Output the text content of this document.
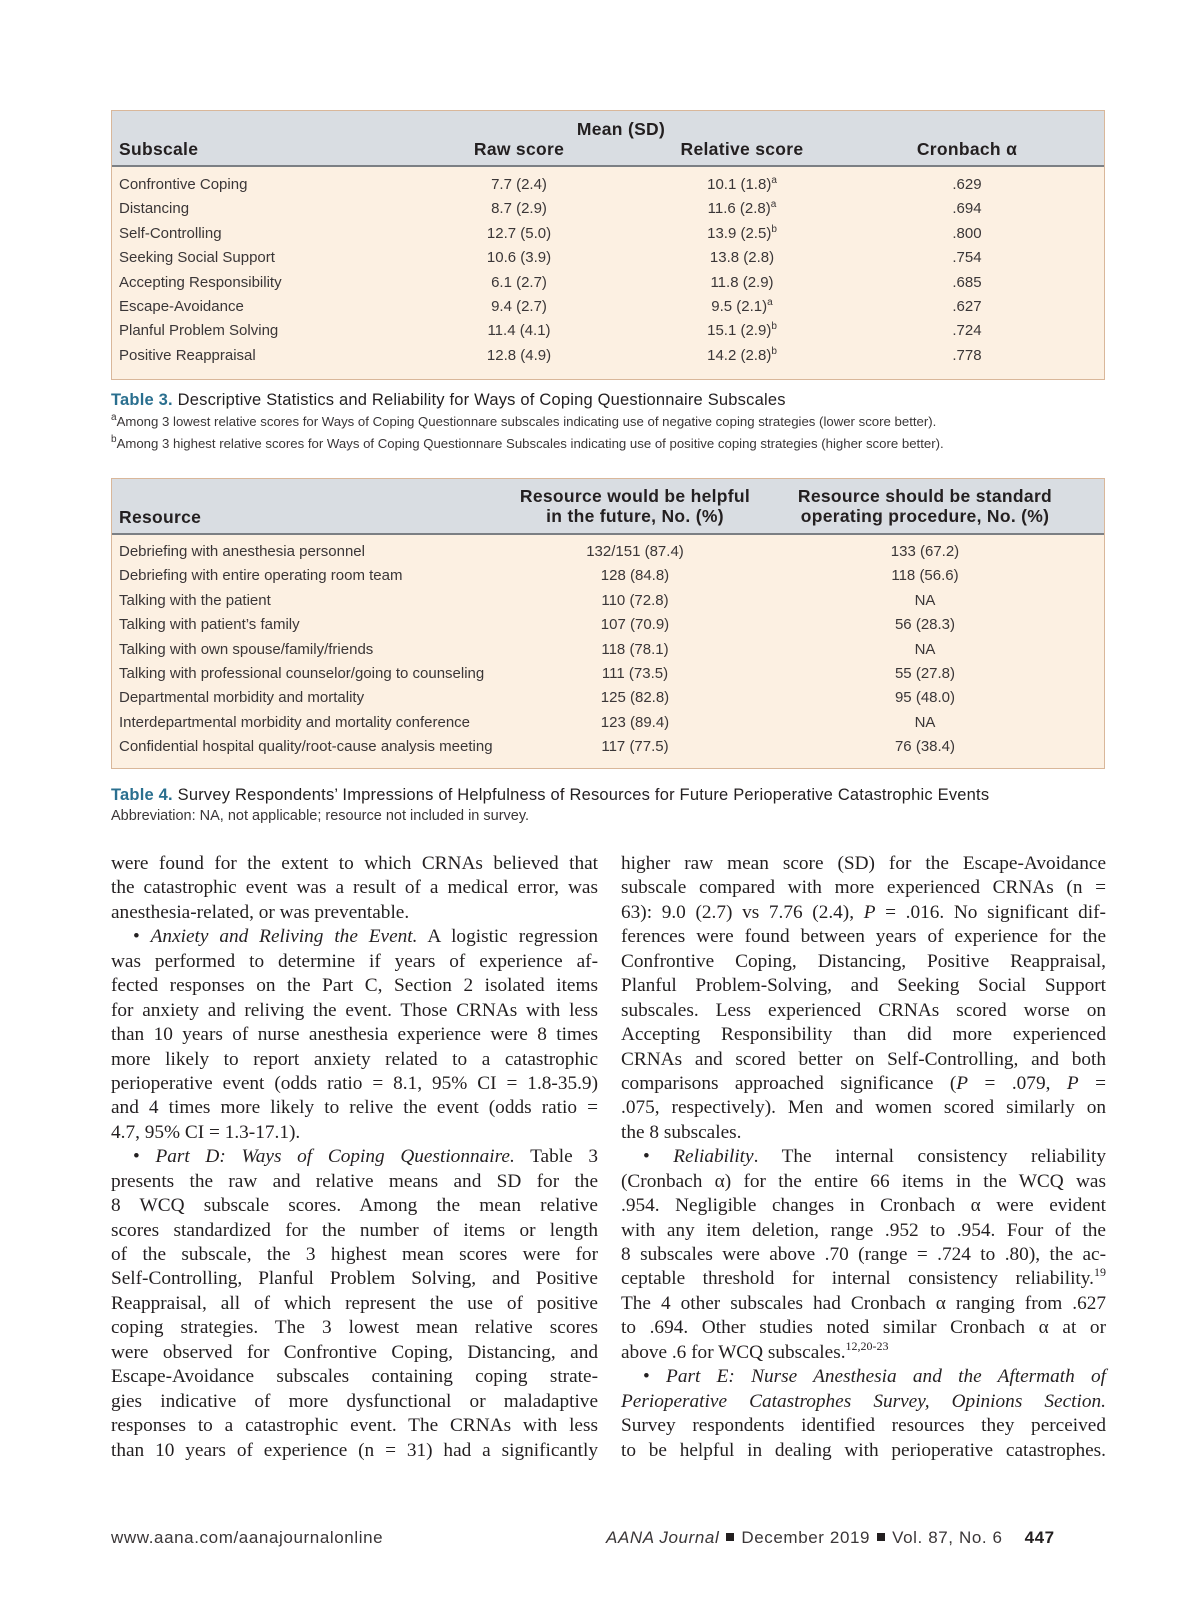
Mean (SD)
Subscale	Raw score	Relative score	Cronbach α
Confrontive Coping	7.7 (2.4)	10.1 $(1.8)^a$	.629
Distancing	8.7 (2.9)	11.6 $(2.8)^a$	.694
Self-Controlling	12.7 (5.0)	13.9 $(2.5)^b$	.800
Seeking Social Support	10.6 (3.9)	13.8 (2.8)	.754
Accepting Responsibility	6.1 (2.7)	11.8 (2.9)	.685
Escape-Avoidance	9.4 (2.7)	9.5 $(2.1)^a$	.627
Planful Problem Solving	11.4 (4.1)	15.1 $(2.9)^b$	.724
Positive Reappraisal	12.8 (4.9)	14.2 $(2.8)^b$	.778
Table 3. Descriptive Statistics and Reliability for Ways of Coping Questionnaire Subscales
$^a$Among 3 lowest relative scores for Ways of Coping Questionnare subscales indicating use of negative coping strategies (lower score better).
$^b$Among 3 highest relative scores for Ways of Coping Questionnare Subscales indicating use of positive coping strategies (higher score better).
Resource
Resource would be helpful
in the future, No. (%)
Resource should be standard
operating procedure, No. (%)
Debriefing with anesthesia personnel	132/151 (87.4)	133 (67.2)
Debriefing with entire operating room team	128 (84.8)	118 (56.6)
Talking with the patient	110 (72.8)	NA
Talking with patient’s family	107 (70.9)	56 (28.3)
Talking with own spouse/family/friends	118 (78.1)	NA
Talking with professional counselor/going to counseling	111 (73.5)	55 (27.8)
Departmental morbidity and mortality	125 (82.8)	95 (48.0)
Interdepartmental morbidity and mortality conference	123 (89.4)	NA
Confidential hospital quality/root-cause analysis meeting	117 (77.5)	76 (38.4)
Table 4. Survey Respondents’ Impressions of Helpfulness of Resources for Future Perioperative Catastrophic Events
Abbreviation: NA, not applicable; resource not included in survey.
were found for the extent to which CRNAs believed that
the catastrophic event was a result of a medical error, was
anesthesia-related, or was preventable.
• Anxiety and Reliving the Event. A logistic regression
was performed to determine if years of experience af-
fected responses on the Part C, Section 2 isolated items
for anxiety and reliving the event. Those CRNAs with less
than 10 years of nurse anesthesia experience were 8 times
more likely to report anxiety related to a catastrophic
perioperative event (odds ratio = 8.1, 95% CI = 1.8-35.9)
and 4 times more likely to relive the event (odds ratio =
4.7, 95% CI = 1.3-17.1).
• Part D: Ways of Coping Questionnaire. Table 3
presents the raw and relative means and SD for the
8 WCQ subscale scores. Among the mean relative
scores standardized for the number of items or length
of the subscale, the 3 highest mean scores were for
Self-Controlling, Planful Problem Solving, and Positive
Reappraisal, all of which represent the use of positive
coping strategies. The 3 lowest mean relative scores
were observed for Confrontive Coping, Distancing, and
Escape-Avoidance subscales containing coping strate-
gies indicative of more dysfunctional or maladaptive
responses to a catastrophic event. The CRNAs with less
than 10 years of experience (n = 31) had a significantly
higher raw mean score (SD) for the Escape-Avoidance
subscale compared with more experienced CRNAs (n =
63): 9.0 (2.7) vs 7.76 (2.4), P = .016. No significant dif-
ferences were found between years of experience for the
Confrontive Coping, Distancing, Positive Reappraisal,
Planful Problem-Solving, and Seeking Social Support
subscales. Less experienced CRNAs scored worse on
Accepting Responsibility than did more experienced
CRNAs and scored better on Self-Controlling, and both
comparisons approached significance (P = .079, P =
.075, respectively). Men and women scored similarly on
the 8 subscales.
• Reliability. The internal consistency reliability
(Cronbach α) for the entire 66 items in the WCQ was
.954. Negligible changes in Cronbach α were evident
with any item deletion, range .952 to .954. Four of the
8 subscales were above .70 (range = .724 to .80), the ac-
ceptable threshold for internal consistency reliability.$^{19}$
The 4 other subscales had Cronbach α ranging from .627
to .694. Other studies noted similar Cronbach α at or
above .6 for WCQ subscales.$^{12,20-23}$
• Part E: Nurse Anesthesia and the Aftermath of
Perioperative Catastrophes Survey, Opinions Section.
Survey respondents identified resources they perceived
to be helpful in dealing with perioperative catastrophes.
www.aana.com/aanajournalonline	AANA Journal December 2019 Vol. 87, No. 6 447
